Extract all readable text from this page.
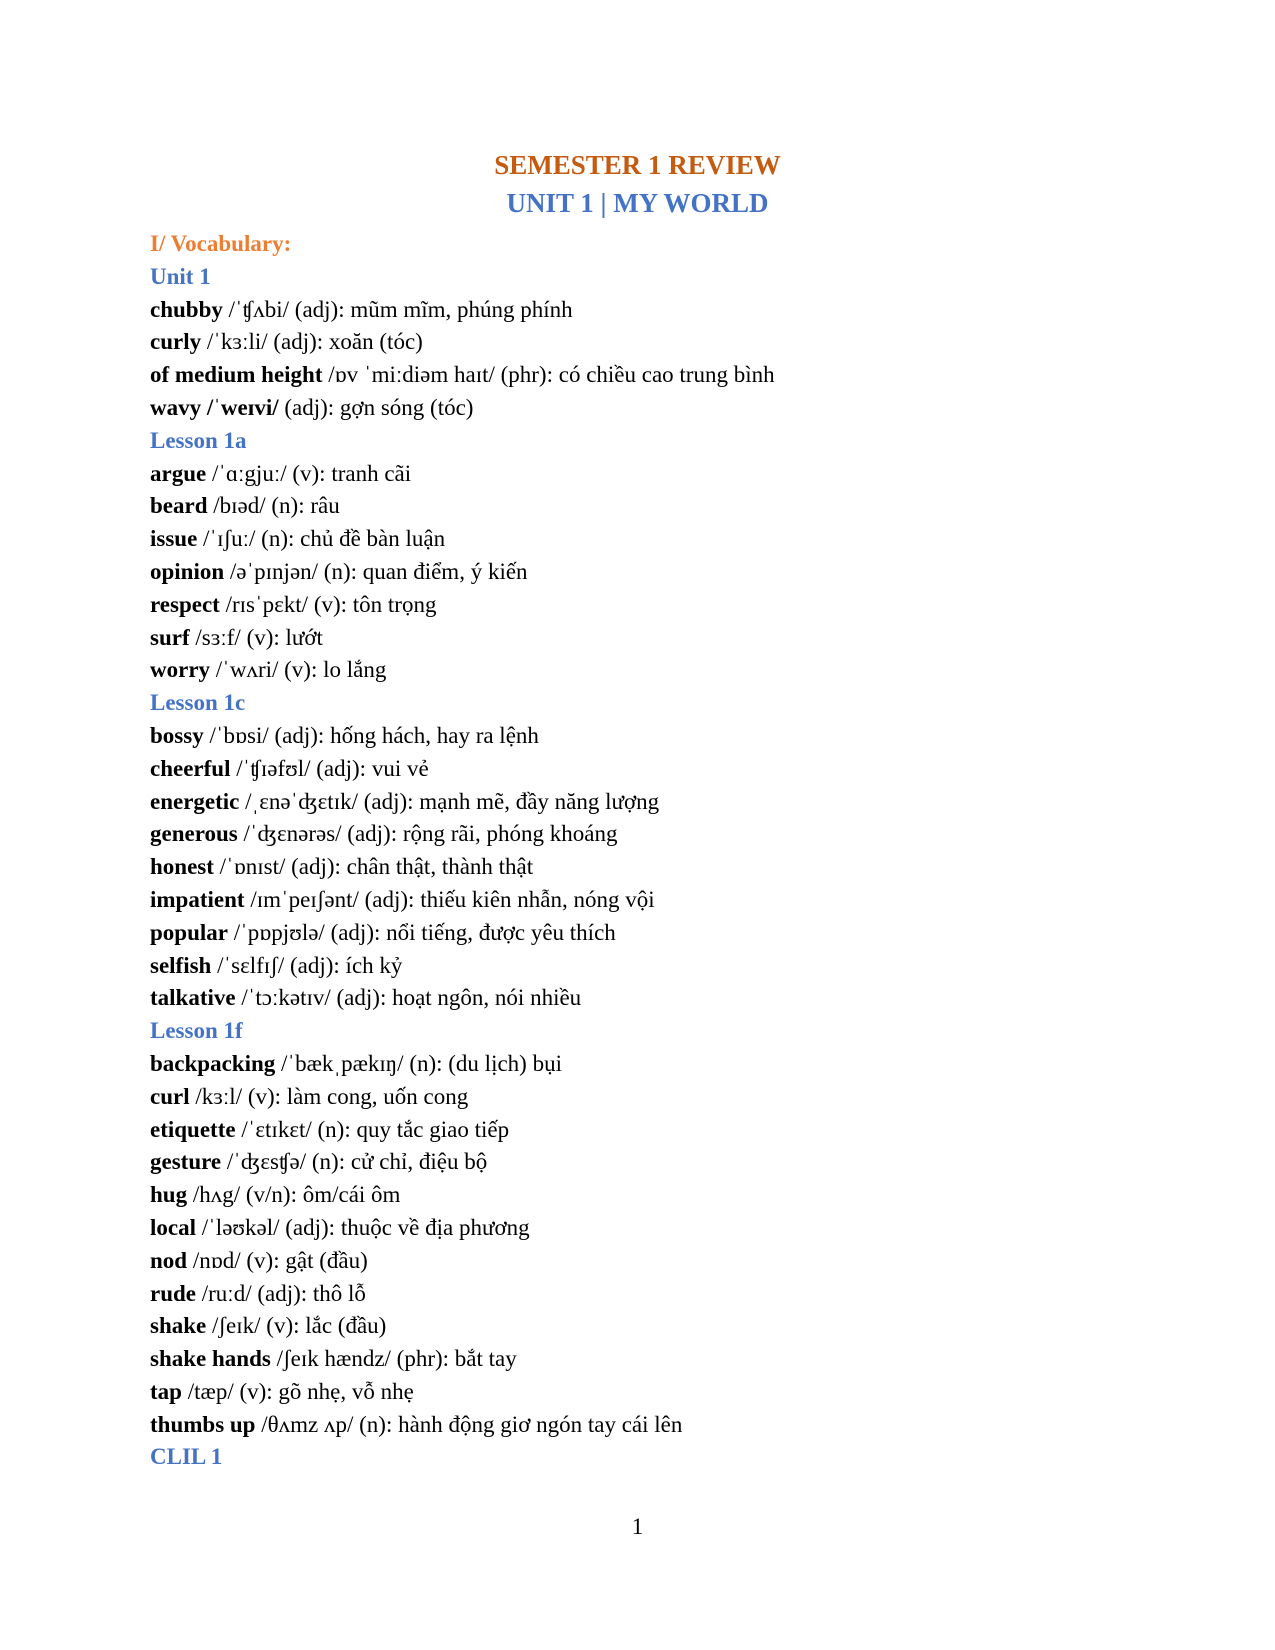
SEMESTER 1 REVIEW
UNIT 1 | MY WORLD
I/ Vocabulary:
Unit 1
chubby /ˈʧʌbi/ (adj): mũm mĩm, phúng phính
curly /ˈkɜːli/ (adj): xoăn (tóc)
of medium height /ɒv ˈmiːdiəm haɪt/ (phr): có chiều cao trung bình
wavy /ˈweɪvi/ (adj): gợn sóng (tóc)
Lesson 1a
argue /ˈɑːgjuː/ (v): tranh cãi
beard /bɪəd/ (n): râu
issue /ˈɪʃuː/ (n): chủ đề bàn luận
opinion /əˈpɪnjən/ (n): quan điểm, ý kiến
respect /rɪsˈpɛkt/ (v): tôn trọng
surf /sɜːf/ (v): lướt
worry /ˈwʌri/ (v): lo lắng
Lesson 1c
bossy /ˈbɒsi/ (adj): hống hách, hay ra lệnh
cheerful /ˈʧɪəfʊl/ (adj): vui vẻ
energetic /ˌɛnəˈʤɛtɪk/ (adj): mạnh mẽ, đầy năng lượng
generous /ˈʤɛnərəs/ (adj): rộng rãi, phóng khoáng
honest /ˈɒnɪst/ (adj): chân thật, thành thật
impatient /ɪmˈpeɪʃənt/ (adj): thiếu kiên nhẫn, nóng vội
popular /ˈpɒpjʊlə/ (adj): nổi tiếng, được yêu thích
selfish /ˈsɛlfɪʃ/ (adj): ích kỷ
talkative /ˈtɔːkətɪv/ (adj): hoạt ngôn, nói nhiều
Lesson 1f
backpacking /ˈbækˌpækɪŋ/ (n): (du lịch) bụi
curl /kɜːl/ (v): làm cong, uốn cong
etiquette /ˈɛtɪkɛt/ (n): quy tắc giao tiếp
gesture /ˈʤɛsʧə/ (n): cử chỉ, điệu bộ
hug /hʌg/ (v/n): ôm/cái ôm
local /ˈləʊkəl/ (adj): thuộc về địa phương
nod /nɒd/ (v): gật (đầu)
rude /ruːd/ (adj): thô lỗ
shake /ʃeɪk/ (v): lắc (đầu)
shake hands /ʃeɪk hændz/ (phr): bắt tay
tap /tæp/ (v): gõ nhẹ, vỗ nhẹ
thumbs up /θʌmz ʌp/ (n): hành động giơ ngón tay cái lên
CLIL 1
1
